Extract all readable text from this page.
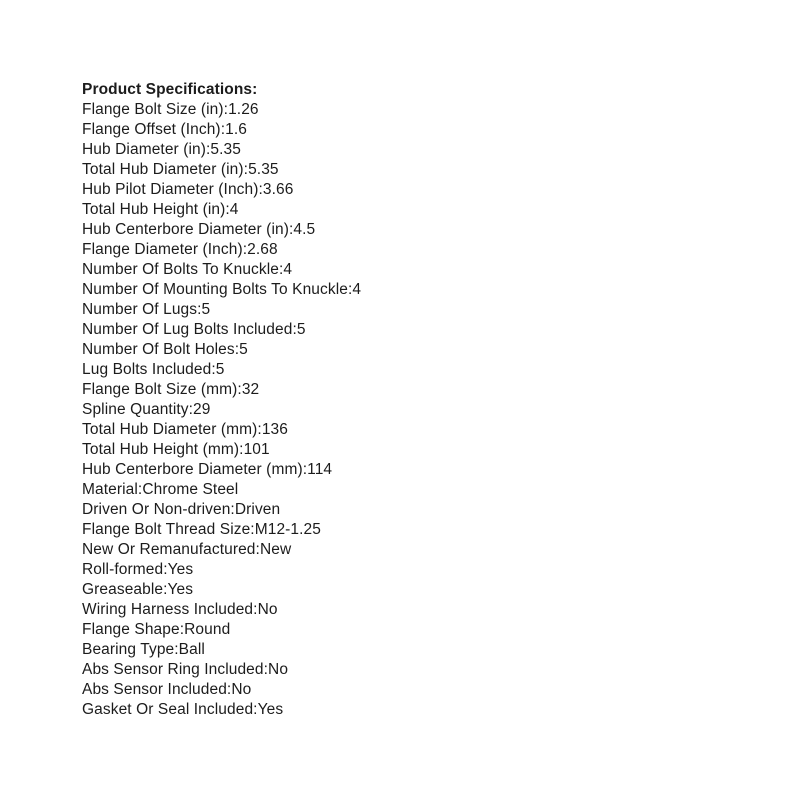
Product Specifications:
Flange Bolt Size (in):1.26
Flange Offset (Inch):1.6
Hub Diameter (in):5.35
Total Hub Diameter (in):5.35
Hub Pilot Diameter (Inch):3.66
Total Hub Height (in):4
Hub Centerbore Diameter (in):4.5
Flange Diameter (Inch):2.68
Number Of Bolts To Knuckle:4
Number Of Mounting Bolts To Knuckle:4
Number Of Lugs:5
Number Of Lug Bolts Included:5
Number Of Bolt Holes:5
Lug Bolts Included:5
Flange Bolt Size (mm):32
Spline Quantity:29
Total Hub Diameter (mm):136
Total Hub Height (mm):101
Hub Centerbore Diameter (mm):114
Material:Chrome Steel
Driven Or Non-driven:Driven
Flange Bolt Thread Size:M12-1.25
New Or Remanufactured:New
Roll-formed:Yes
Greaseable:Yes
Wiring Harness Included:No
Flange Shape:Round
Bearing Type:Ball
Abs Sensor Ring Included:No
Abs Sensor Included:No
Gasket Or Seal Included:Yes
